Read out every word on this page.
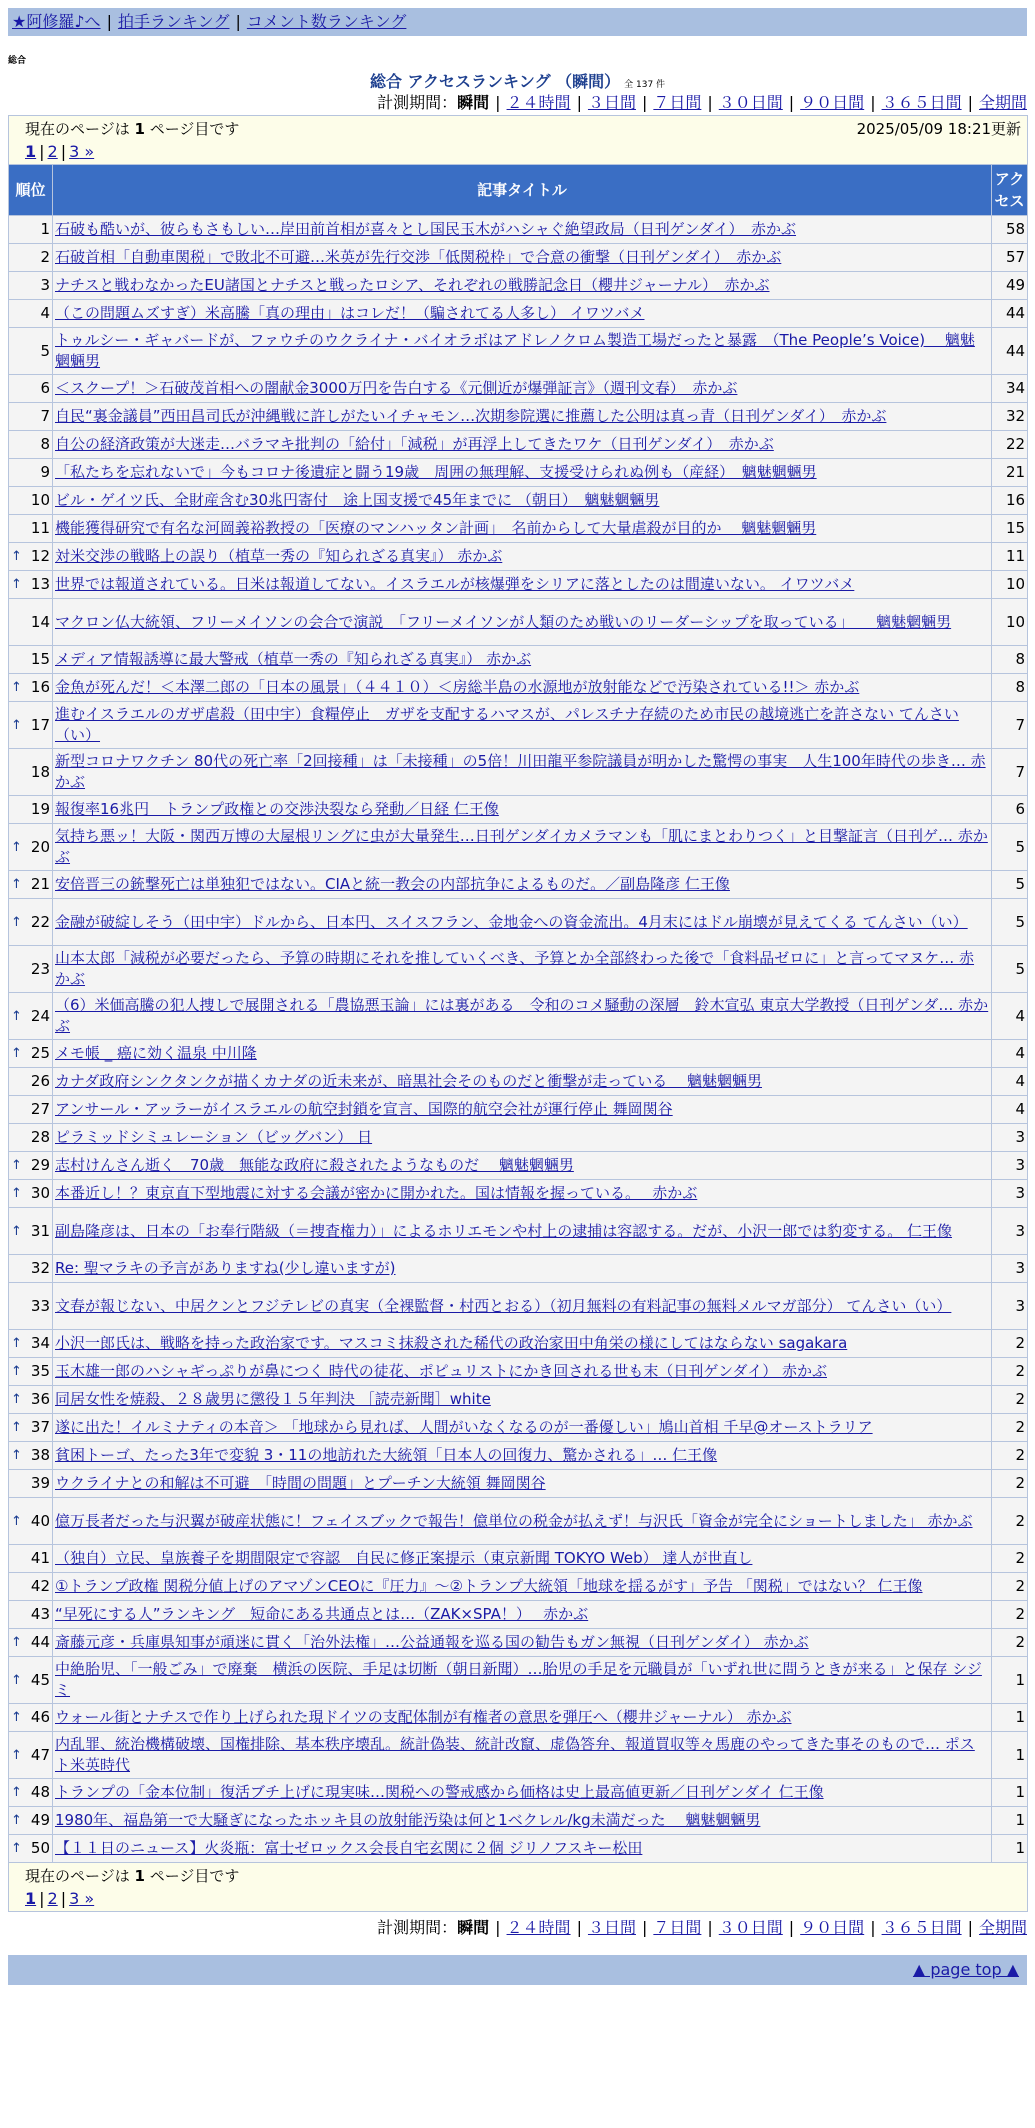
★阿修羅♪へ | 拍手ランキング | コメント数ランキング
総合
総合 アクセスランキング （瞬間） 全 137 件
計測期間：瞬間 | ２４時間 | ３日間 | ７日間 | ３０日間 | ９０日間 | ３６５日間 | 全期間
現在のページは 1 ページ目です 2025/05/09 18:21更新
1 | 2 | 3 »		

順位	記事タイトル	アクセス
1	石破も酷いが、彼らもさもしい…岸田前首相が喜々とし国民玉木がハシャぐ絶望政局（日刊ゲンダイ）　赤かぶ	58
2	石破首相「自動車関税」で敗北不可避…米英が先行交渉「低関税枠」で合意の衝撃（日刊ゲンダイ）　赤かぶ	57
3	ナチスと戦わなかったEU諸国とナチスと戦ったロシア、それぞれの戦勝記念日（櫻井ジャーナル）　赤かぶ	49
4	（この問題ムズすぎ）米高騰「真の理由」はコレだ！（騙されてる人多し） イワツバメ	44
5	トゥルシー・ギャバードが、ファウチのウクライナ・バイオラボはアドレノクロム製造工場だったと暴露　（The People’s Voice)　 魑魅魍魎男	44
6	＜スクープ！＞石破茂首相への闇献金3000万円を告白する《元側近が爆弾証言》（週刊文春）　赤かぶ	34
7	自民“裏金議員”西田昌司氏が沖縄戦に許しがたいイチャモン…次期参院選に推薦した公明は真っ青（日刊ゲンダイ）　赤かぶ	32
8	自公の経済政策が大迷走…バラマキ批判の「給付」「減税」が再浮上してきたワケ（日刊ゲンダイ）　赤かぶ	22
9	「私たちを忘れないで」今もコロナ後遺症と闘う19歳　周囲の無理解、支援受けられぬ例も（産経）　魑魅魍魎男	21
10	ビル・ゲイツ氏、全財産含む30兆円寄付　途上国支援で45年までに （朝日）　魑魅魍魎男	16
11	機能獲得研究で有名な河岡義裕教授の「医療のマンハッタン計画」　名前からして大量虐殺が目的か　 魑魅魍魎男	15

↑ 12	対米交渉の戦略上の誤り（植草一秀の『知られざる真実』） 赤かぶ	11

↑ 13	世界では報道されている。日米は報道してない。イスラエルが核爆弾をシリアに落としたのは間違いない。 イワツバメ	10
14	マクロン仏大統領、フリーメイソンの会合で演説　「フリーメイソンが人類のため戦いのリーダーシップを取っている」　　魑魅魍魎男	10
15	メディア情報誘導に最大警戒（植草一秀の『知られざる真実』） 赤かぶ	8

↑ 16	金魚が死んだ！＜本澤二郎の「日本の風景」（４４１０）＜房総半島の水源地が放射能などで汚染されている!!＞ 赤かぶ	8

↑ 17	進むイスラエルのガザ虐殺（田中宇）食糧停止　ガザを支配するハマスが、パレスチナ存続のため市民の越境逃亡を許さない てんさい（い）	7
18	新型コロナワクチン 80代の死亡率「2回接種」は「未接種」の5倍！川田龍平参院議員が明かした驚愕の事実　人生100年時代の歩き… 赤かぶ	7
19	報復率16兆円　トランプ政権との交渉決裂なら発動／日経 仁王像	6

↑ 20	気持ち悪ッ！大阪・関西万博の大屋根リングに虫が大量発生…日刊ゲンダイカメラマンも「肌にまとわりつく」と目撃証言（日刊ゲ… 赤かぶ	5

↑ 21	安倍晋三の銃撃死亡は単独犯ではない。CIAと統一教会の内部抗争によるものだ。／副島隆彦 仁王像	5

↑ 22	金融が破綻しそう（田中宇）ドルから、日本円、スイスフラン、金地金への資金流出。4月末にはドル崩壊が見えてくる てんさい（い）	5
23	山本太郎「減税が必要だったら、予算の時期にそれを推していくべき、予算とか全部終わった後で「食料品ゼロに」と言ってマヌケ… 赤かぶ	5

↑ 24	（6）米価高騰の犯人捜しで展開される「農協悪玉論」には裏がある　令和のコメ騒動の深層　鈴木宣弘 東京大学教授（日刊ゲンダ… 赤かぶ	4

↑ 25	メモ帳 _ 癌に効く温泉 中川隆	4
26	カナダ政府シンクタンクが描くカナダの近未来が、暗黒社会そのものだと衝撃が走っている　 魑魅魍魎男	4
27	アンサール・アッラーがイスラエルの航空封鎖を宣言、国際的航空会社が運行停止 舞岡関谷	4
28	ピラミッドシミュレーション（ビッグバン） 日	3

↑ 29	志村けんさん逝く　70歳　無能な政府に殺されたようなものだ　 魑魅魍魎男	3

↑ 30	本番近し！？東京直下型地震に対する会議が密かに開かれた。国は情報を握っている。　 赤かぶ	3

↑ 31	副島隆彦は、日本の「お奉行階級（＝捜査権力）」によるホリエモンや村上の逮捕は容認する。だが、小沢一郎では豹変する。 仁王像	3
32	Re: 聖マラキの予言がありますね(少し違いますが)	3
33	文春が報じない、中居クンとフジテレビの真実（全裸監督・村西とおる）（初月無料の有料記事の無料メルマガ部分） てんさい（い）	3

↑ 34	小沢一郎氏は、戦略を持った政治家です。マスコミ抹殺された稀代の政治家田中角栄の様にしてはならない sagakara	2

↑ 35	玉木雄一郎のハシャギっぷりが鼻につく 時代の徒花、ポピュリストにかき回される世も末（日刊ゲンダイ） 赤かぶ	2

↑ 36	同居女性を焼殺、２８歳男に懲役１５年判決 ［読売新聞］white	2

↑ 37	遂に出た！イルミナティの本音＞ 「地球から見れば、人間がいなくなるのが一番優しい」鳩山首相 千早@オーストラリア	2

↑ 38	貧困トーゴ、たった3年で変貌 3・11の地訪れた大統領「日本人の回復力、驚かされる」… 仁王像	2
39	ウクライナとの和解は不可避　「時間の問題」とプーチン大統領 舞岡関谷	2

↑ 40	億万長者だった与沢翼が破産状態に！フェイスブックで報告！億単位の税金が払えず！与沢氏「資金が完全にショートしました」 赤かぶ	2
41	（独自）立民、皇族養子を期間限定で容認　自民に修正案提示（東京新聞 TOKYO Web） 達人が世直し	2
42	①トランプ政権 関税分値上げのアマゾンCEOに『圧力』～②トランプ大統領「地球を揺るがす」予告 「関税」ではない？ 仁王像	2
43	“早死にする人”ランキング　短命にある共通点とは…（ZAK×SPA！）　 赤かぶ	2

↑ 44	斎藤元彦・兵庫県知事が頑迷に貫く「治外法権」…公益通報を巡る国の勧告もガン無視（日刊ゲンダイ） 赤かぶ	2

↑ 45	中絶胎児、「一般ごみ」で廃棄　横浜の医院、手足は切断（朝日新聞）…胎児の手足を元職員が「いずれ世に問うときが来る」と保存 シジミ	1

↑ 46	ウォール街とナチスで作り上げられた現ドイツの支配体制が有権者の意思を弾圧へ（櫻井ジャーナル） 赤かぶ	1

↑ 47	内乱罪、統治機構破壊、国権排除、基本秩序壊乱。統計偽装、統計改竄、虚偽答弁、報道買収等々馬鹿のやってきた事そのもので… ポスト米英時代	1

↑ 48	トランプの「金本位制」復活ブチ上げに現実味…関税への警戒感から価格は史上最高値更新／日刊ゲンダイ 仁王像	1

↑ 49	1980年、福島第一で大騒ぎになったホッキ貝の放射能汚染は何と1ベクレル/kg未満だった　 魑魅魍魎男	1

↑ 50	【１１日のニュース】火炎瓶：富士ゼロックス会長自宅玄関に２個 ジリノフスキー松田	1

現在のページは 1 ページ目です
1 | 2 | 3 »		
計測期間：瞬間 | ２４時間 | ３日間 | ７日間 | ３０日間 | ９０日間 | ３６５日間 | 全期間
▲ page top ▲
